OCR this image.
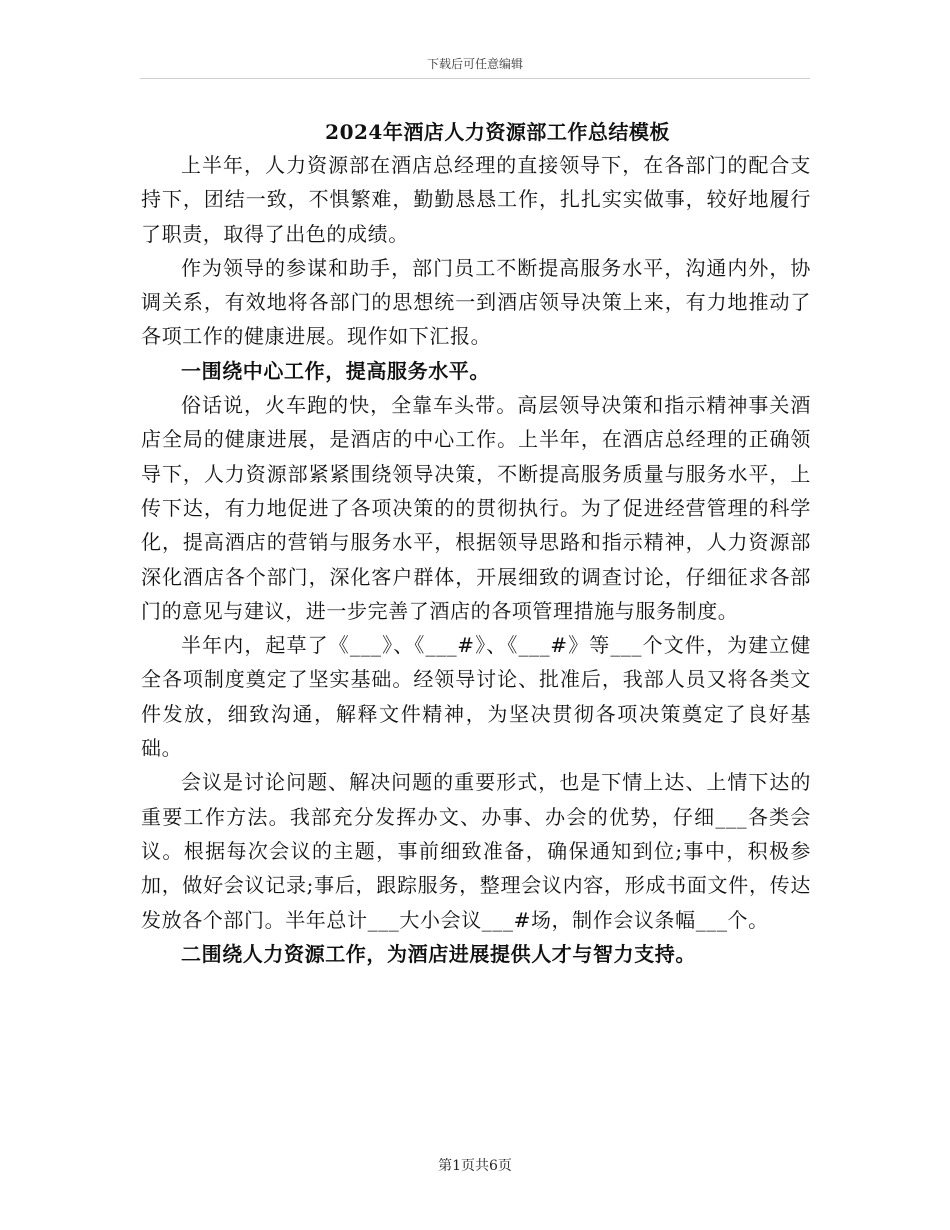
下载后可任意编辑
2024年酒店人力资源部工作总结模板

上半年，人力资源部在酒店总经理的直接领导下，在各部门的配合支持下，团结一致，不惧繁难，勤勤恳恳工作，扎扎实实做事，较好地履行了职责，取得了出色的成绩。

作为领导的参谋和助手，部门员工不断提高服务水平，沟通内外，协调关系，有效地将各部门的思想统一到酒店领导决策上来，有力地推动了各项工作的健康进展。现作如下汇报。

一围绕中心工作，提高服务水平。

俗话说，火车跑的快，全靠车头带。高层领导决策和指示精神事关酒店全局的健康进展，是酒店的中心工作。上半年，在酒店总经理的正确领导下，人力资源部紧紧围绕领导决策，不断提高服务质量与服务水平，上传下达，有力地促进了各项决策的的贯彻执行。为了促进经营管理的科学化，提高酒店的营销与服务水平，根据领导思路和指示精神，人力资源部深化酒店各个部门，深化客户群体，开展细致的调查讨论，仔细征求各部门的意见与建议，进一步完善了酒店的各项管理措施与服务制度。

半年内，起草了《___》、《___#》、《___#》等___个文件，为建立健全各项制度奠定了坚实基础。经领导讨论、批准后，我部人员又将各类文件发放，细致沟通，解释文件精神，为坚决贯彻各项决策奠定了良好基础。

会议是讨论问题、解决问题的重要形式，也是下情上达、上情下达的重要工作方法。我部充分发挥办文、办事、办会的优势，仔细___各类会议。根据每次会议的主题，事前细致准备，确保通知到位;事中，积极参加，做好会议记录;事后，跟踪服务，整理会议内容，形成书面文件，传达发放各个部门。半年总计___大小会议___#场，制作会议条幅___个。

二围绕人力资源工作，为酒店进展提供人才与智力支持。

第1页共6页
